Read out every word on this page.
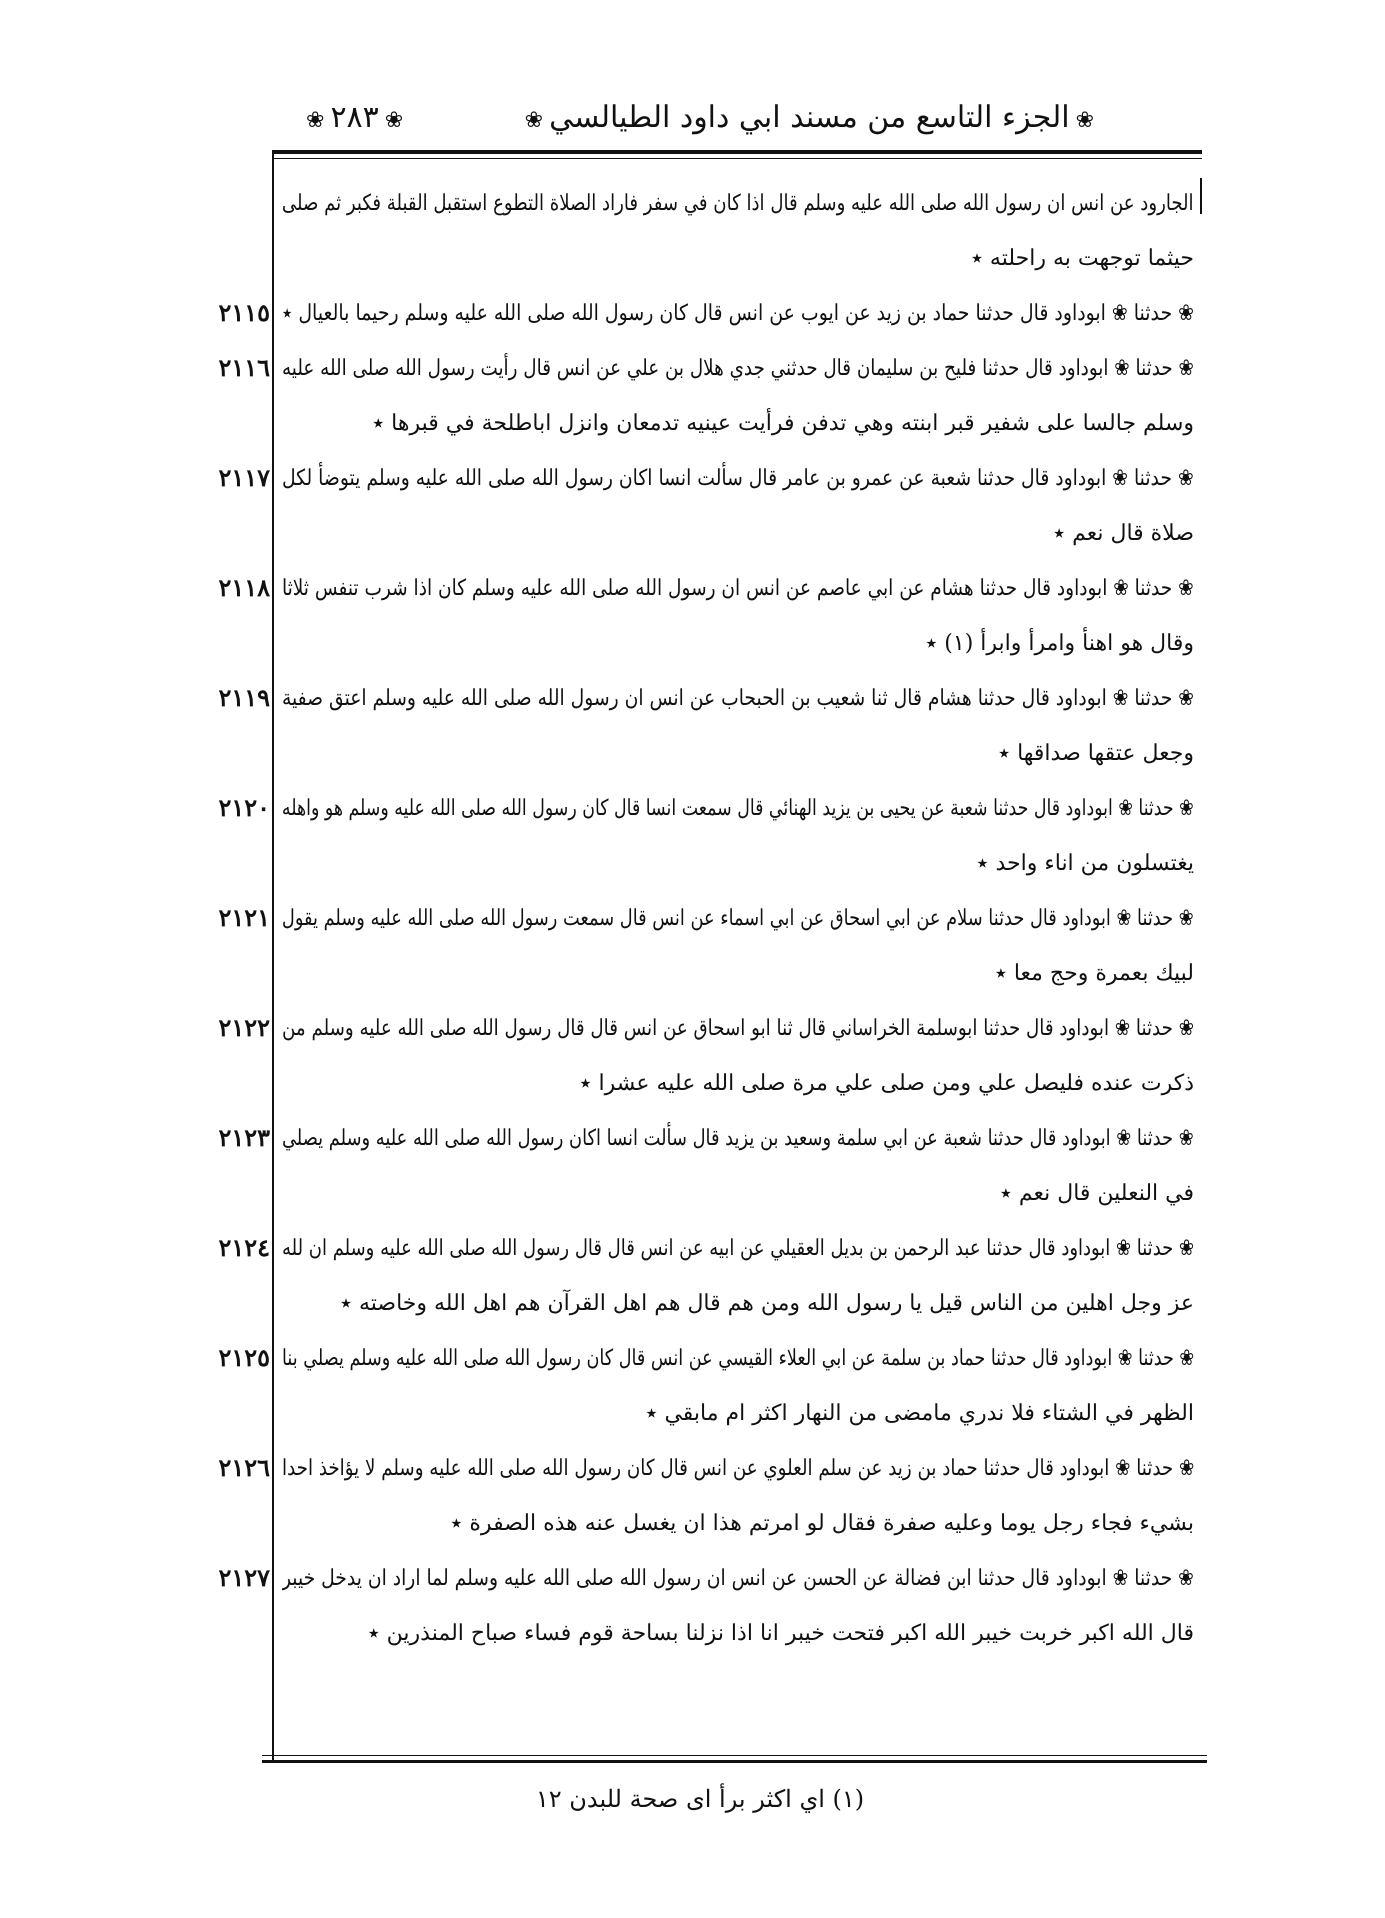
❀الجزء التاسع من مسند ابي داود الطيالسي❀
❀٢٨٣❀
الجارود عن انس ان رسول الله صلى الله عليه وسلم قال اذا كان في سفر فاراد الصلاة التطوع استقبل القبلة فكبر ثم صلى
حيثما توجهت به راحلته ٭
❀ حدثنا ❀ ابوداود قال حدثنا حماد بن زيد عن ايوب عن انس قال كان رسول الله صلى الله عليه وسلم رحيما بالعيال ٭
❀ حدثنا ❀ ابوداود قال حدثنا فليح بن سليمان قال حدثني جدي هلال بن علي عن انس قال رأيت رسول الله صلى الله عليه
وسلم جالسا على شفير قبر ابنته وهي تدفن فرأيت عينيه تدمعان وانزل اباطلحة في قبرها ٭
❀ حدثنا ❀ ابوداود قال حدثنا شعبة عن عمرو بن عامر قال سألت انسا اكان رسول الله صلى الله عليه وسلم يتوضأ لكل
صلاة قال نعم ٭
❀ حدثنا ❀ ابوداود قال حدثنا هشام عن ابي عاصم عن انس ان رسول الله صلى الله عليه وسلم كان اذا شرب تنفس ثلاثا
وقال هو اهنأ وامرأ وابرأ (١) ٭
❀ حدثنا ❀ ابوداود قال حدثنا هشام قال ثنا شعيب بن الحبحاب عن انس ان رسول الله صلى الله عليه وسلم اعتق صفية
وجعل عتقها صداقها ٭
❀ حدثنا ❀ ابوداود قال حدثنا شعبة عن يحيى بن يزيد الهنائي قال سمعت انسا قال كان رسول الله صلى الله عليه وسلم هو واهله
يغتسلون من اناء واحد ٭
❀ حدثنا ❀ ابوداود قال حدثنا سلام عن ابي اسحاق عن ابي اسماء عن انس قال سمعت رسول الله صلى الله عليه وسلم يقول
لبيك بعمرة وحج معا ٭
❀ حدثنا ❀ ابوداود قال حدثنا ابوسلمة الخراساني قال ثنا ابو اسحاق عن انس قال قال رسول الله صلى الله عليه وسلم من
ذكرت عنده فليصل علي ومن صلى علي مرة صلى الله عليه عشرا ٭
❀ حدثنا ❀ ابوداود قال حدثنا شعبة عن ابي سلمة وسعيد بن يزيد قال سألت انسا اكان رسول الله صلى الله عليه وسلم يصلي
في النعلين قال نعم ٭
❀ حدثنا ❀ ابوداود قال حدثنا عبد الرحمن بن بديل العقيلي عن ابيه عن انس قال قال رسول الله صلى الله عليه وسلم ان لله
عز وجل اهلين من الناس قيل يا رسول الله ومن هم قال هم اهل القرآن هم اهل الله وخاصته ٭
❀ حدثنا ❀ ابوداود قال حدثنا حماد بن سلمة عن ابي العلاء القيسي عن انس قال كان رسول الله صلى الله عليه وسلم يصلي بنا
الظهر في الشتاء فلا ندري مامضى من النهار اكثر ام مابقي ٭
❀ حدثنا ❀ ابوداود قال حدثنا حماد بن زيد عن سلم العلوي عن انس قال كان رسول الله صلى الله عليه وسلم لا يؤاخذ احدا
بشيء فجاء رجل يوما وعليه صفرة فقال لو امرتم هذا ان يغسل عنه هذه الصفرة ٭
❀ حدثنا ❀ ابوداود قال حدثنا ابن فضالة عن الحسن عن انس ان رسول الله صلى الله عليه وسلم لما اراد ان يدخل خيبر
قال الله اكبر خربت خيبر الله اكبر فتحت خيبر انا اذا نزلنا بساحة قوم فساء صباح المنذرين ٭
٢١١٥
٢١١٦
٢١١٧
٢١١٨
٢١١٩
٢١٢٠
٢١٢١
٢١٢٢
٢١٢٣
٢١٢٤
٢١٢٥
٢١٢٦
٢١٢٧
(١) اي اكثر برأ اى صحة للبدن ١٢
